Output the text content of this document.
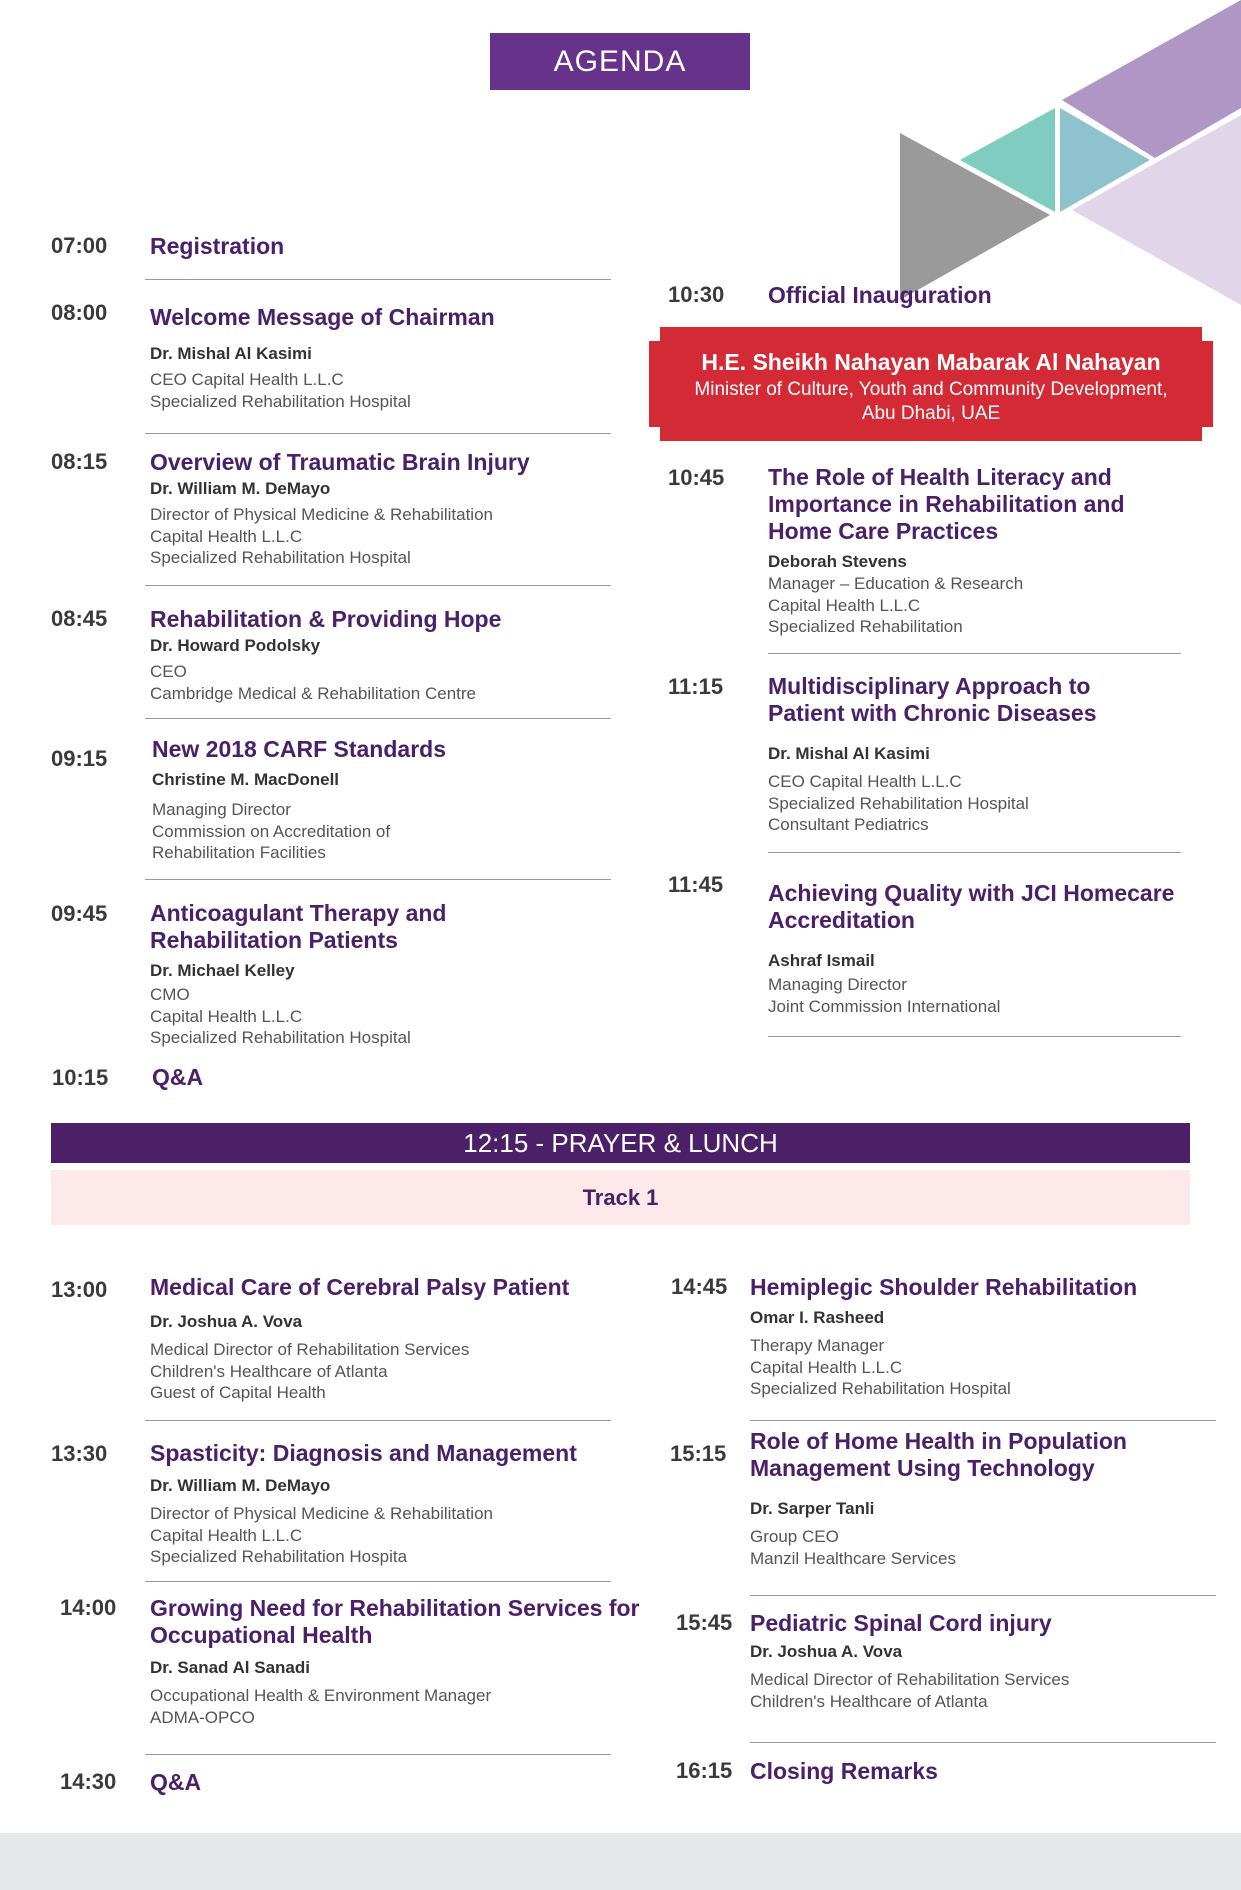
AGENDA
07:00 Registration
08:00 Welcome Message of Chairman
Dr. Mishal Al Kasimi
CEO Capital Health L.L.C
Specialized Rehabilitation Hospital
08:15 Overview of Traumatic Brain Injury
Dr. William M. DeMayo
Director of Physical Medicine & Rehabilitation
Capital Health L.L.C
Specialized Rehabilitation Hospital
08:45 Rehabilitation & Providing Hope
Dr. Howard Podolsky
CEO
Cambridge Medical & Rehabilitation Centre
09:15 New 2018 CARF Standards
Christine M. MacDonell
Managing Director
Commission on Accreditation of
Rehabilitation Facilities
09:45 Anticoagulant Therapy and
Rehabilitation Patients
Dr. Michael Kelley
CMO
Capital Health L.L.C
Specialized Rehabilitation Hospital
10:15 Q&A
10:30 Official Inauguration
H.E. Sheikh Nahayan Mabarak Al Nahayan
Minister of Culture, Youth and Community Development,
Abu Dhabi, UAE
10:45 The Role of Health Literacy and
Importance in Rehabilitation and
Home Care Practices
Deborah Stevens
Manager – Education & Research
Capital Health L.L.C
Specialized Rehabilitation
11:15 Multidisciplinary Approach to
Patient with Chronic Diseases
Dr. Mishal Al Kasimi
CEO Capital Health L.L.C
Specialized Rehabilitation Hospital
Consultant Pediatrics
11:45 Achieving Quality with JCI Homecare
Accreditation
Ashraf Ismail
Managing Director
Joint Commission International
12:15 - PRAYER & LUNCH
Track 1
13:00 Medical Care of Cerebral Palsy Patient
Dr. Joshua A. Vova
Medical Director of Rehabilitation Services
Children's Healthcare of Atlanta
Guest of Capital Health
13:30 Spasticity: Diagnosis and Management
Dr. William M. DeMayo
Director of Physical Medicine & Rehabilitation
Capital Health L.L.C
Specialized Rehabilitation Hospita
14:00 Growing Need for Rehabilitation Services for
Occupational Health
Dr. Sanad Al Sanadi
Occupational Health & Environment Manager
ADMA-OPCO
14:30 Q&A
14:45 Hemiplegic Shoulder Rehabilitation
Omar I. Rasheed
Therapy Manager
Capital Health L.L.C
Specialized Rehabilitation Hospital
15:15 Role of Home Health in Population
Management Using Technology
Dr. Sarper Tanli
Group CEO
Manzil Healthcare Services
15:45 Pediatric Spinal Cord injury
Dr. Joshua A. Vova
Medical Director of Rehabilitation Services
Children's Healthcare of Atlanta
16:15 Closing Remarks
